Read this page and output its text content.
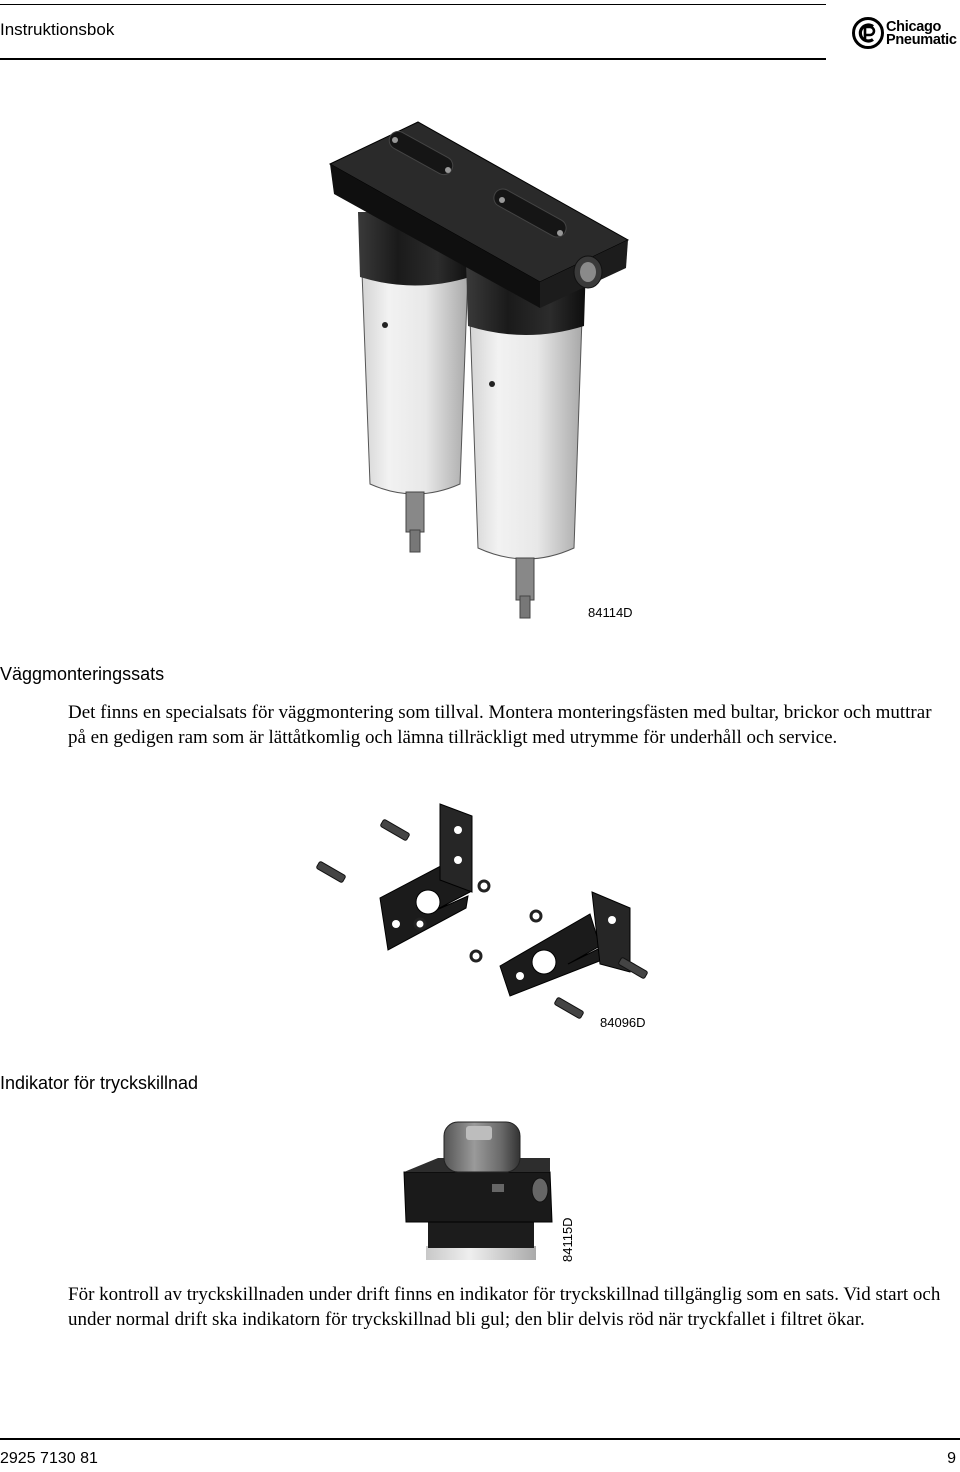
Instruktionsbok	Chicago
Pneumatic
84114D
Väggmonteringssats
Det finns en specialsats för väggmontering som tillval. Montera monteringsfästen med bultar, brickor och muttrar på en gedigen ram som är lättåtkomlig och lämna tillräckligt med utrymme för underhåll och service.
84096D
Indikator för tryckskillnad
84115D
För kontroll av tryckskillnaden under drift finns en indikator för tryckskillnad tillgänglig som en sats. Vid start och under normal drift ska indikatorn för tryckskillnad bli gul; den blir delvis röd när tryckfallet i filtret ökar.
2925 7130 81	9
